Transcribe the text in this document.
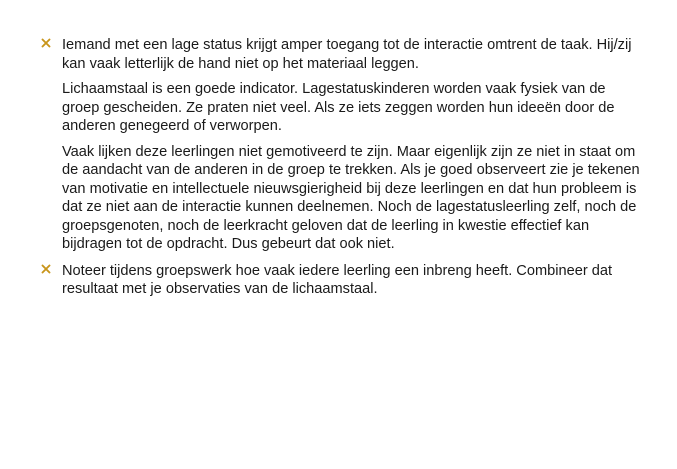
Iemand met een lage status krijgt amper toegang tot de interactie omtrent de taak. Hij/zij kan vaak letterlijk de hand niet op het materiaal leggen.

Lichaamstaal is een goede indicator. Lagestatuskinderen worden vaak fysiek van de groep gescheiden. Ze praten niet veel. Als ze iets zeggen worden hun ideeën door de anderen genegeerd of verworpen.

Vaak lijken deze leerlingen niet gemotiveerd te zijn. Maar eigenlijk zijn ze niet in staat om de aandacht van de anderen in de groep te trekken. Als je goed observeert zie je tekenen van motivatie en intellectuele nieuwsgierigheid bij deze leerlingen en dat hun probleem is dat ze niet aan de interactie kunnen deelnemen. Noch de lagestatusleerling zelf, noch de groepsgenoten, noch de leerkracht geloven dat de leerling in kwestie effectief kan bijdragen tot de opdracht. Dus gebeurt dat ook niet.

Noteer tijdens groepswerk hoe vaak iedere leerling een inbreng heeft. Combineer dat resultaat met je observaties van de lichaamstaal.
